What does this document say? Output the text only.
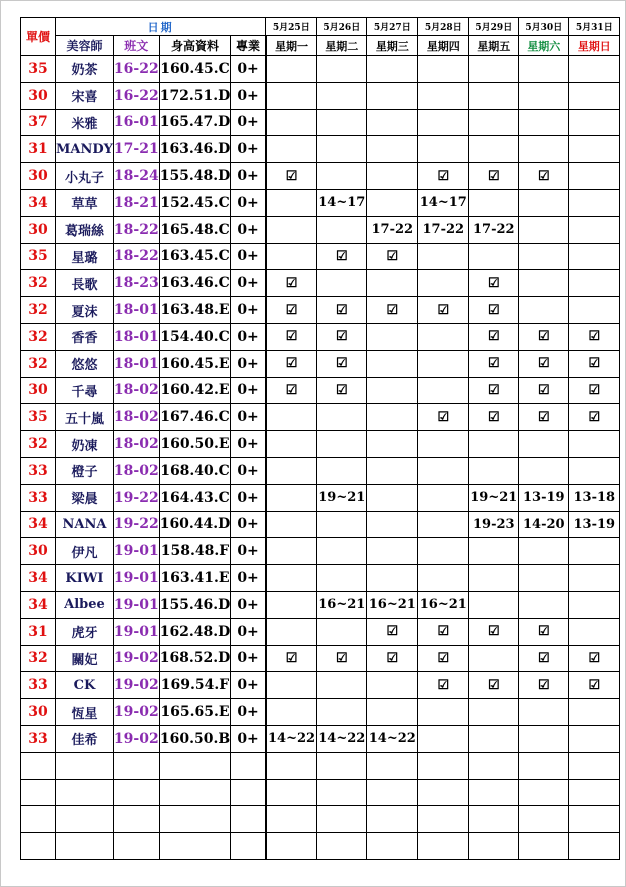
單價	日期				5月25日	5月26日	5月27日	5月28日	5月29日	5月30日	5月31日
	美容師	班文	身高資料	專業	星期一	星期二	星期三	星期四	星期五	星期六	星期日
35	奶茶	16-22	160.45.C	0+							
30	宋喜	16-22	172.51.D	0+							
37	米雅	16-01	165.47.D	0+							
31	MANDY	17-21	163.46.D	0+							
30	小丸子	18-24	155.48.D	0+	☑			☑	☑	☑	
34	草草	18-21	152.45.C	0+		14~17		14~17			
30	葛瑞絲	18-22	165.48.C	0+			17-22	17-22	17-22		
35	星璐	18-22	163.45.C	0+		☑	☑				
32	長歌	18-23	163.46.C	0+	☑				☑		
32	夏沫	18-01	163.48.E	0+	☑	☑	☑	☑	☑		
32	香香	18-01	154.40.C	0+	☑	☑			☑	☑	☑
32	悠悠	18-01	160.45.E	0+	☑	☑			☑	☑	☑
30	千尋	18-02	160.42.E	0+	☑	☑			☑	☑	☑
35	五十嵐	18-02	167.46.C	0+				☑	☑	☑	☑
32	奶凍	18-02	160.50.E	0+							
33	橙子	18-02	168.40.C	0+							
33	梁晨	19-22	164.43.C	0+		19~21			19~21	13-19	13-18
34	NANA	19-22	160.44.D	0+					19-23	14-20	13-19
30	伊凡	19-01	158.48.F	0+							
34	KIWI	19-01	163.41.E	0+							
34	Albee	19-01	155.46.D	0+		16~21	16~21	16~21			
31	虎牙	19-01	162.48.D	0+			☑	☑	☑	☑	
32	關妃	19-02	168.52.D	0+	☑	☑	☑	☑		☑	☑
33	CK	19-02	169.54.F	0+				☑	☑	☑	☑
30	恆星	19-02	165.65.E	0+							
33	佳希	19-02	160.50.B	0+	14~22	14~22	14~22				
